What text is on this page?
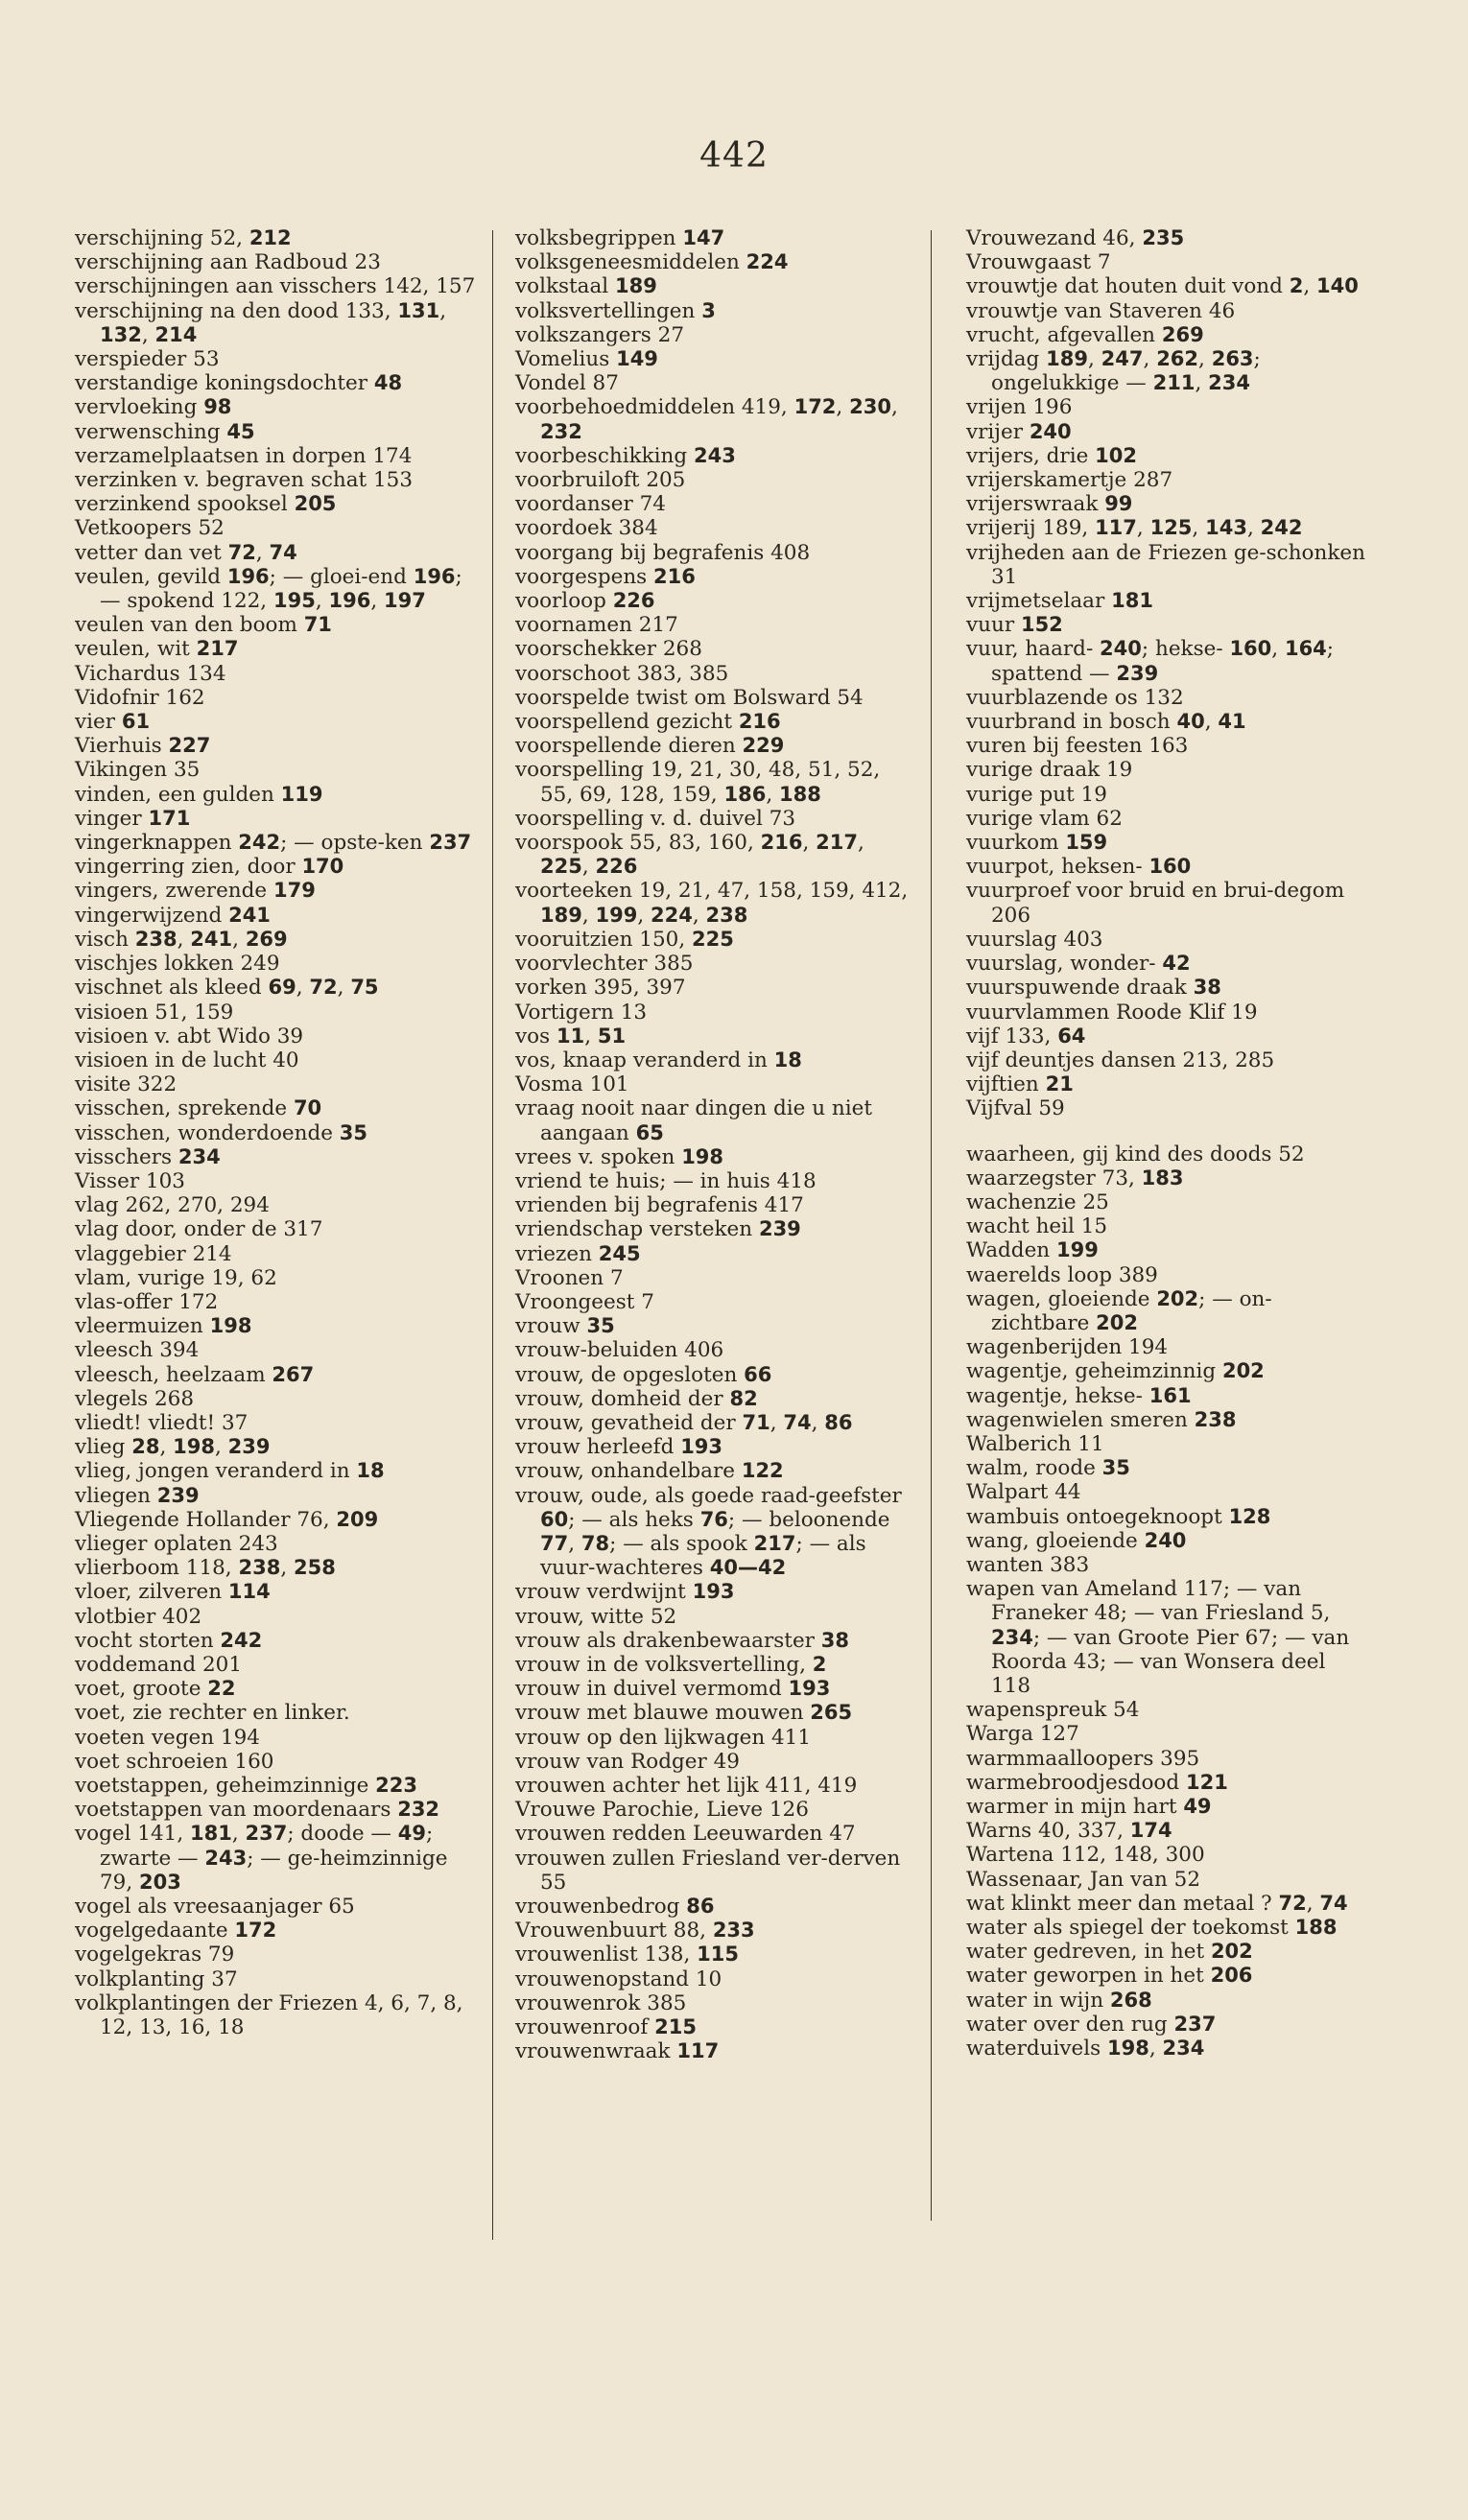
442

verschijning 52, 212

verschijning aan Radboud 23

verschijningen aan visschers 142, 157

verschijning na den dood 133, 131, 132, 214

verspieder 53

verstandige koningsdochter 48

vervloeking 98

verwensching 45

verzamelplaatsen in dorpen 174

verzinken v. begraven schat 153

verzinkend spooksel 205

Vetkoopers 52

vetter dan vet 72, 74

veulen, gevild 196; — gloei-end 196; — spokend 122, 195, 196, 197

veulen van den boom 71

veulen, wit 217

Vichardus 134

Vidofnir 162

vier 61

Vierhuis 227

Vikingen 35

vinden, een gulden 119

vinger 171

vingerknappen 242; — opste-ken 237

vingerring zien, door 170

vingers, zwerende 179

vingerwijzend 241

visch 238, 241, 269

vischjes lokken 249

vischnet als kleed 69, 72, 75

visioen 51, 159

visioen v. abt Wido 39

visioen in de lucht 40

visite 322

visschen, sprekende 70

visschen, wonderdoende 35

visschers 234

Visser 103

vlag 262, 270, 294

vlag door, onder de 317

vlaggebier 214

vlam, vurige 19, 62

vlas-offer 172

vleermuizen 198

vleesch 394

vleesch, heelzaam 267

vlegels 268

vliedt! vliedt! 37

vlieg 28, 198, 239

vlieg, jongen veranderd in 18

vliegen 239

Vliegende Hollander 76, 209

vlieger oplaten 243

vlierboom 118, 238, 258

vloer, zilveren 114

vlotbier 402

vocht storten 242

voddemand 201

voet, groote 22

voet, zie rechter en linker.

voeten vegen 194

voet schroeien 160

voetstappen, geheimzinnige 223

voetstappen van moordenaars 232

vogel 141, 181, 237; doode — 49; zwarte — 243; — ge-heimzinnige 79, 203

vogel als vreesaanjager 65

vogelgedaante 172

vogelgekras 79

volkplanting 37

volkplantingen der Friezen 4, 6, 7, 8, 12, 13, 16, 18

volksbegrippen 147

volksgeneesmiddelen 224

volkstaal 189

volksvertellingen 3

volkszangers 27

Vomelius 149

Vondel 87

voorbehoedmiddelen 419, 172, 230, 232

voorbeschikking 243

voorbruiloft 205

voordanser 74

voordoek 384

voorgang bij begrafenis 408

voorgespens 216

voorloop 226

voornamen 217

voorschekker 268

voorschoot 383, 385

voorspelde twist om Bolsward 54

voorspellend gezicht 216

voorspellende dieren 229

voorspelling 19, 21, 30, 48, 51, 52, 55, 69, 128, 159, 186, 188

voorspelling v. d. duivel 73

voorspook 55, 83, 160, 216, 217, 225, 226

voorteeken 19, 21, 47, 158, 159, 412, 189, 199, 224, 238

vooruitzien 150, 225

voorvlechter 385

vorken 395, 397

Vortigern 13

vos 11, 51

vos, knaap veranderd in 18

Vosma 101

vraag nooit naar dingen die u niet aangaan 65

vrees v. spoken 198

vriend te huis; — in huis 418

vrienden bij begrafenis 417

vriendschap versteken 239

vriezen 245

Vroonen 7

Vroongeest 7

vrouw 35

vrouw-beluiden 406

vrouw, de opgesloten 66

vrouw, domheid der 82

vrouw, gevatheid der 71, 74, 86

vrouw herleefd 193

vrouw, onhandelbare 122

vrouw, oude, als goede raad-geefster 60; — als heks 76; — beloonende 77, 78; — als spook 217; — als vuur-wachteres 40—42

vrouw verdwijnt 193

vrouw, witte 52

vrouw als drakenbewaarster 38

vrouw in de volksvertelling, 2

vrouw in duivel vermomd 193

vrouw met blauwe mouwen 265

vrouw op den lijkwagen 411

vrouw van Rodger 49

vrouwen achter het lijk 411, 419

Vrouwe Parochie, Lieve 126

vrouwen redden Leeuwarden 47

vrouwen zullen Friesland ver-derven 55

vrouwenbedrog 86

Vrouwenbuurt 88, 233

vrouwenlist 138, 115

vrouwenopstand 10

vrouwenrok 385

vrouwenroof 215

vrouwenwraak 117

Vrouwezand 46, 235

Vrouwgaast 7

vrouwtje dat houten duit vond 2, 140

vrouwtje van Staveren 46

vrucht, afgevallen 269

vrijdag 189, 247, 262, 263; ongelukkige — 211, 234

vrijen 196

vrijer 240

vrijers, drie 102

vrijerskamertje 287

vrijerswraak 99

vrijerij 189, 117, 125, 143, 242

vrijheden aan de Friezen ge-schonken 31

vrijmetselaar 181

vuur 152

vuur, haard- 240; hekse- 160, 164; spattend — 239

vuurblazende os 132

vuurbrand in bosch 40, 41

vuren bij feesten 163

vurige draak 19

vurige put 19

vurige vlam 62

vuurkom 159

vuurpot, heksen- 160

vuurproef voor bruid en brui-degom 206

vuurslag 403

vuurslag, wonder- 42

vuurspuwende draak 38

vuurvlammen Roode Klif 19

vijf 133, 64

vijf deuntjes dansen 213, 285

vijftien 21

Vijfval 59

waarheen, gij kind des doods 52

waarzegster 73, 183

wachenzie 25

wacht heil 15

Wadden 199

waerelds loop 389

wagen, gloeiende 202; — on-zichtbare 202

wagenberijden 194

wagentje, geheimzinnig 202

wagentje, hekse- 161

wagenwielen smeren 238

Walberich 11

walm, roode 35

Walpart 44

wambuis ontoegeknoopt 128

wang, gloeiende 240

wanten 383

wapen van Ameland 117; — van Franeker 48; — van Friesland 5, 234; — van Groote Pier 67; — van Roorda 43; — van Wonsera deel 118

wapenspreuk 54

Warga 127

warmmaalloopers 395

warmebroodjesdood 121

warmer in mijn hart 49

Warns 40, 337, 174

Wartena 112, 148, 300

Wassenaar, Jan van 52

wat klinkt meer dan metaal ? 72, 74

water als spiegel der toekomst 188

water gedreven, in het 202

water geworpen in het 206

water in wijn 268

water over den rug 237

waterduivels 198, 234
